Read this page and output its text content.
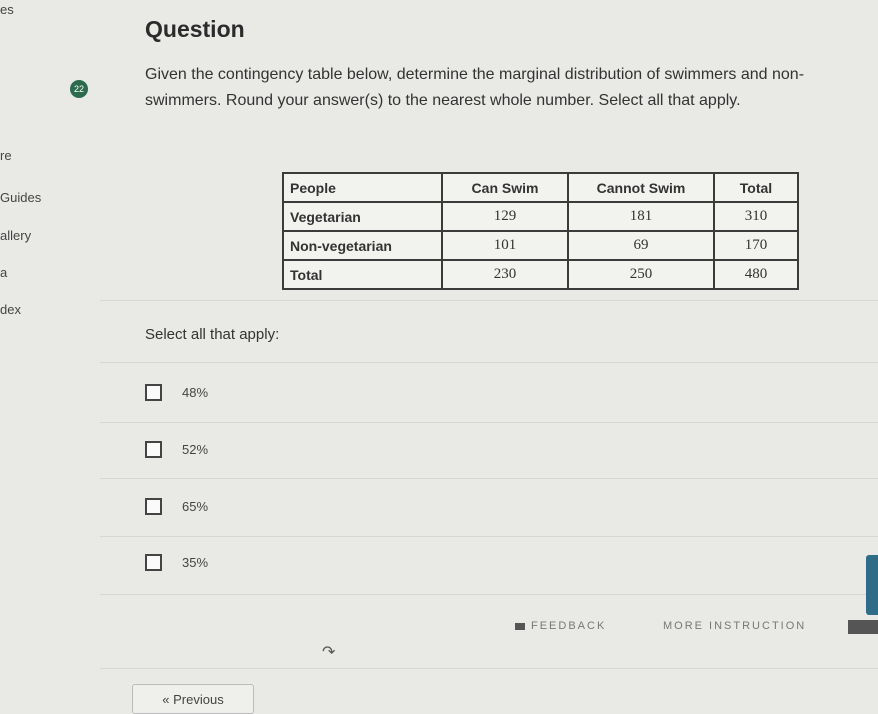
es
re
Guides
allery
a
dex
Question
22
Given the contingency table below, determine the marginal distribution of swimmers and non-swimmers. Round your answer(s) to the nearest whole number. Select all that apply.
People	Can Swim	Cannot Swim	Total
Vegetarian	129	181	310
Non-vegetarian	101	69	170
Total	230	250	480
Select all that apply:
48%
52%
65%
35%
FEEDBACK	MORE INSTRUCTION
↷
« Previous
